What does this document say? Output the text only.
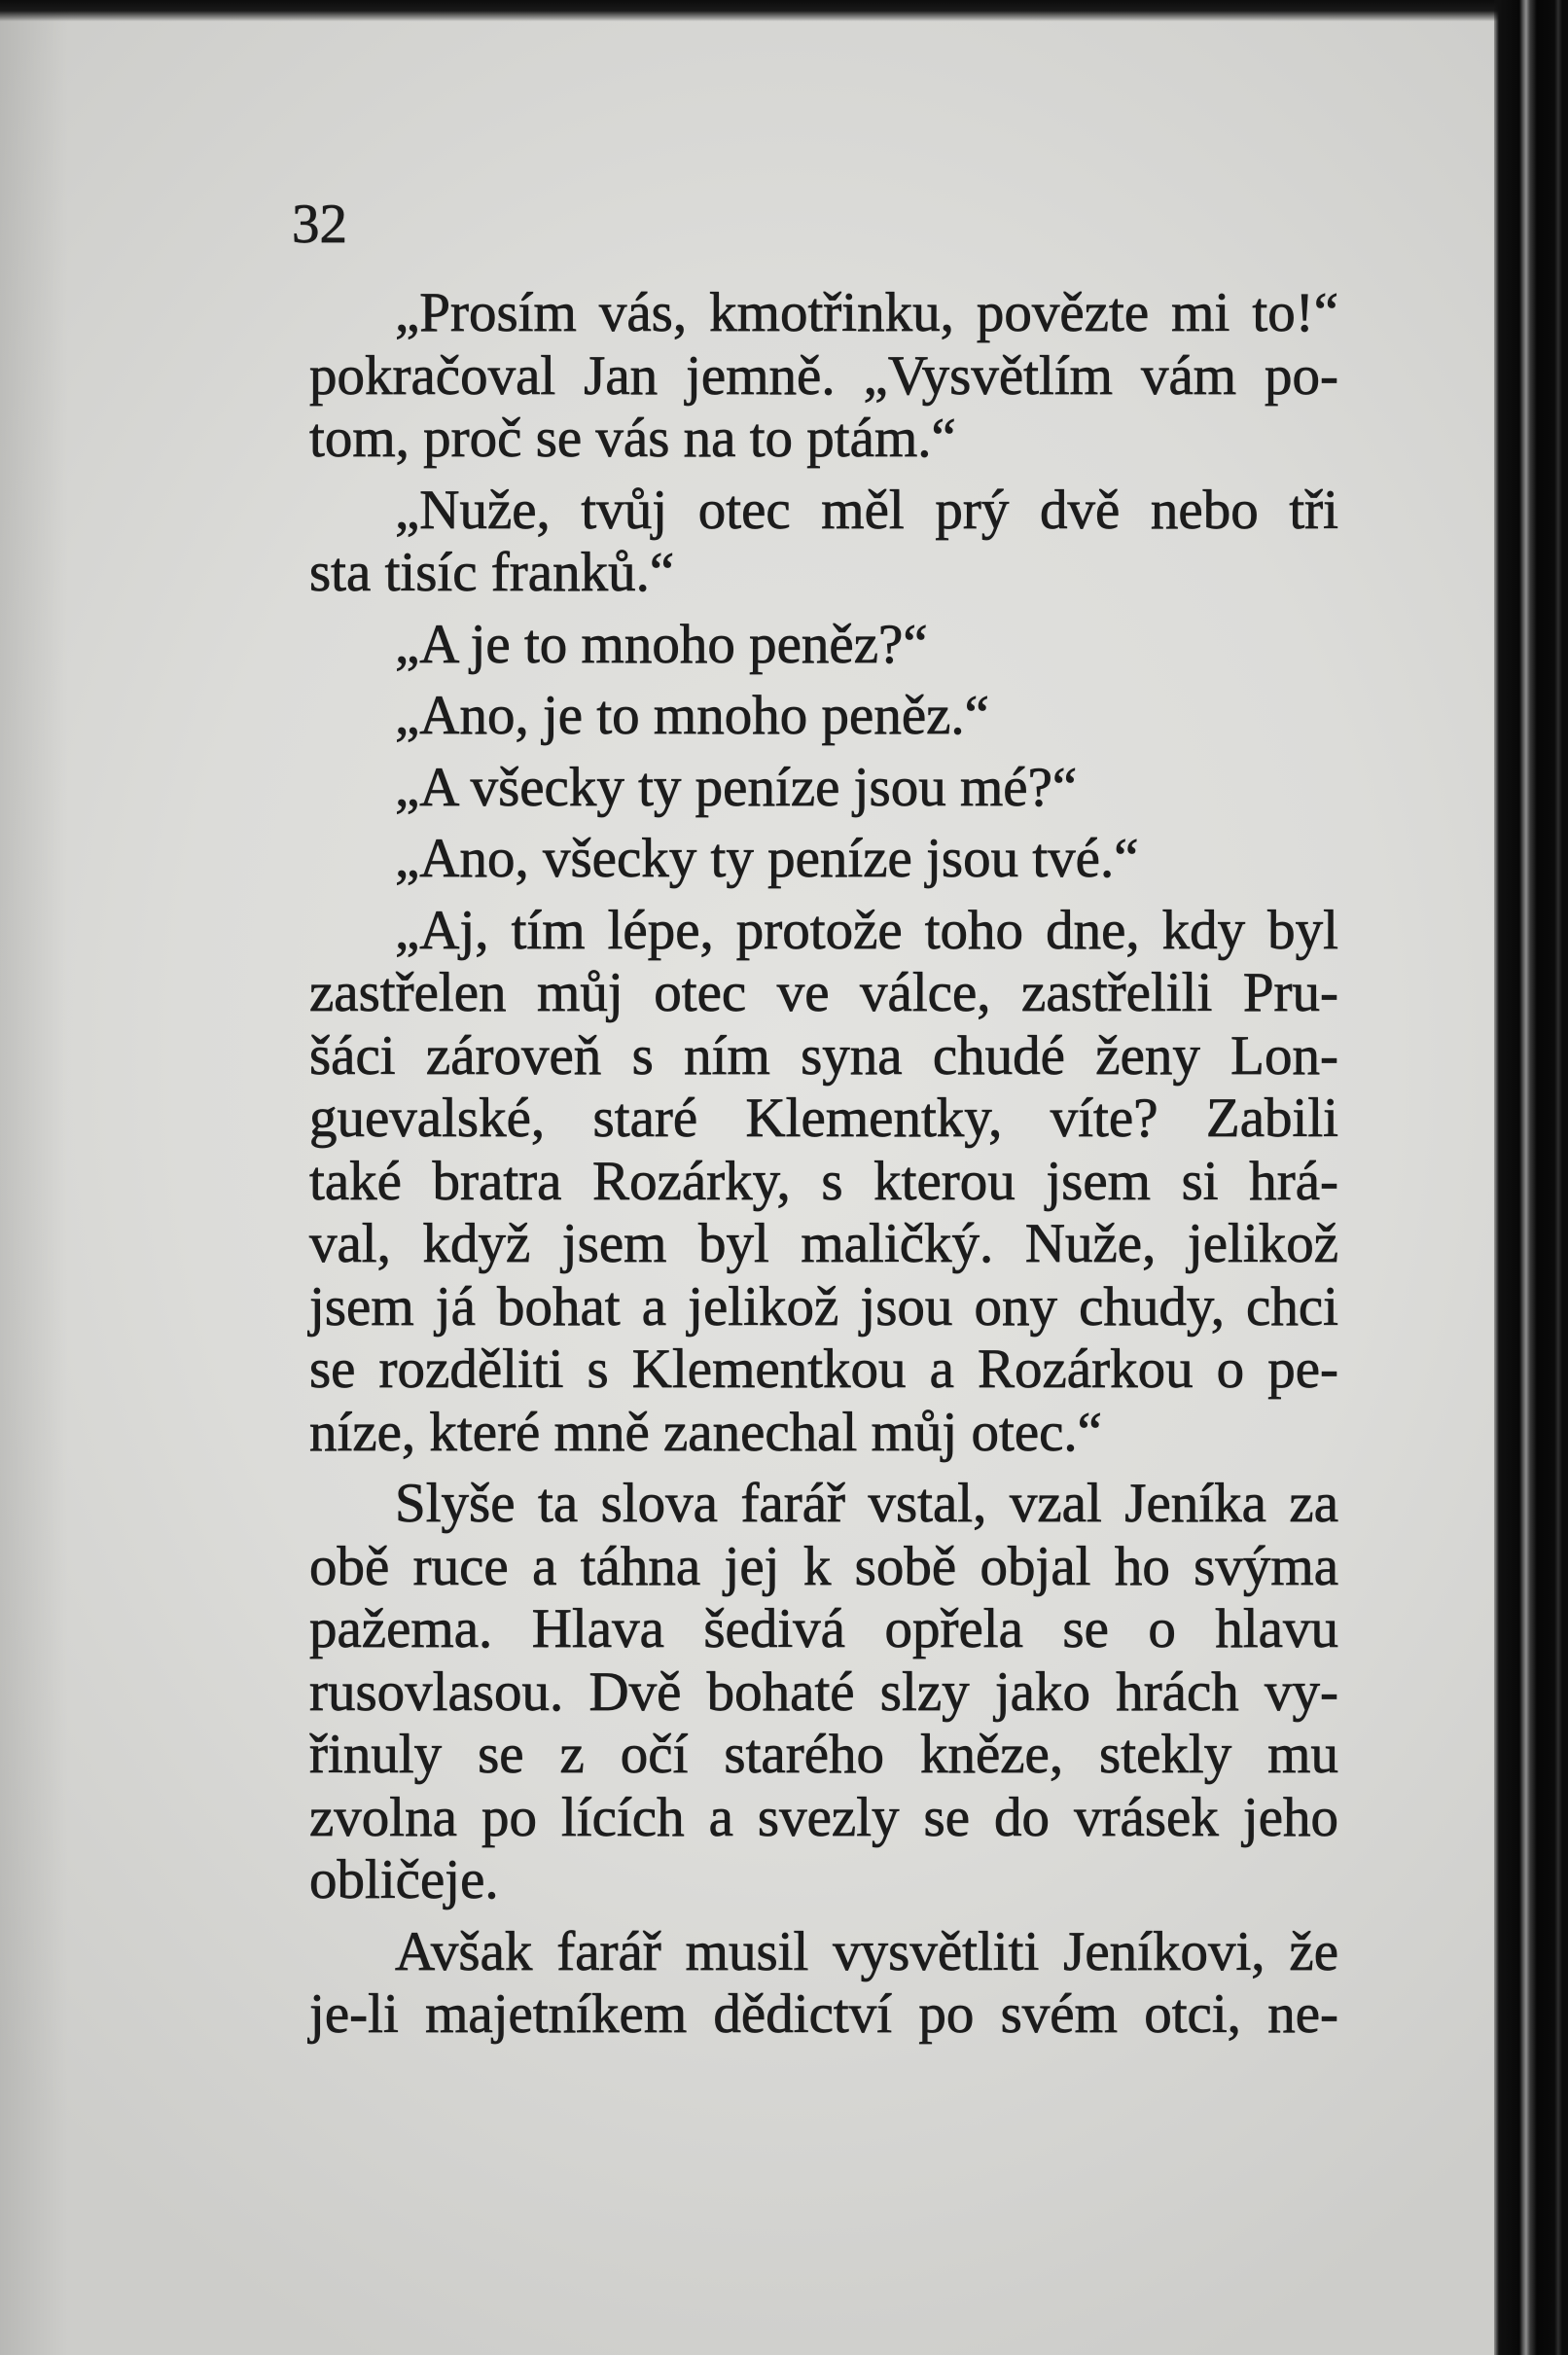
32
„Prosím vás, kmotřinku, povězte mi to!“
pokračoval Jan jemně. „Vysvětlím vám po-
tom, proč se vás na to ptám.“
„Nuže, tvůj otec měl prý dvě nebo tři
sta tisíc franků.“
„A je to mnoho peněz?“
„Ano, je to mnoho peněz.“
„A všecky ty peníze jsou mé?“
„Ano, všecky ty peníze jsou tvé.“
„Aj, tím lépe, protože toho dne, kdy byl
zastřelen můj otec ve válce, zastřelili Pru-
šáci zároveň s ním syna chudé ženy Lon-
guevalské, staré Klementky, víte? Zabili
také bratra Rozárky, s kterou jsem si hrá-
val, když jsem byl maličký. Nuže, jelikož
jsem já bohat a jelikož jsou ony chudy, chci
se rozděliti s Klementkou a Rozárkou o pe-
níze, které mně zanechal můj otec.“
Slyše ta slova farář vstal, vzal Jeníka za
obě ruce a táhna jej k sobě objal ho svýma
pažema. Hlava šedivá opřela se o hlavu
rusovlasou. Dvě bohaté slzy jako hrách vy-
řinuly se z očí starého kněze, stekly mu
zvolna po lících a svezly se do vrásek jeho
obličeje.
Avšak farář musil vysvětliti Jeníkovi, že
je-li majetníkem dědictví po svém otci, ne-
